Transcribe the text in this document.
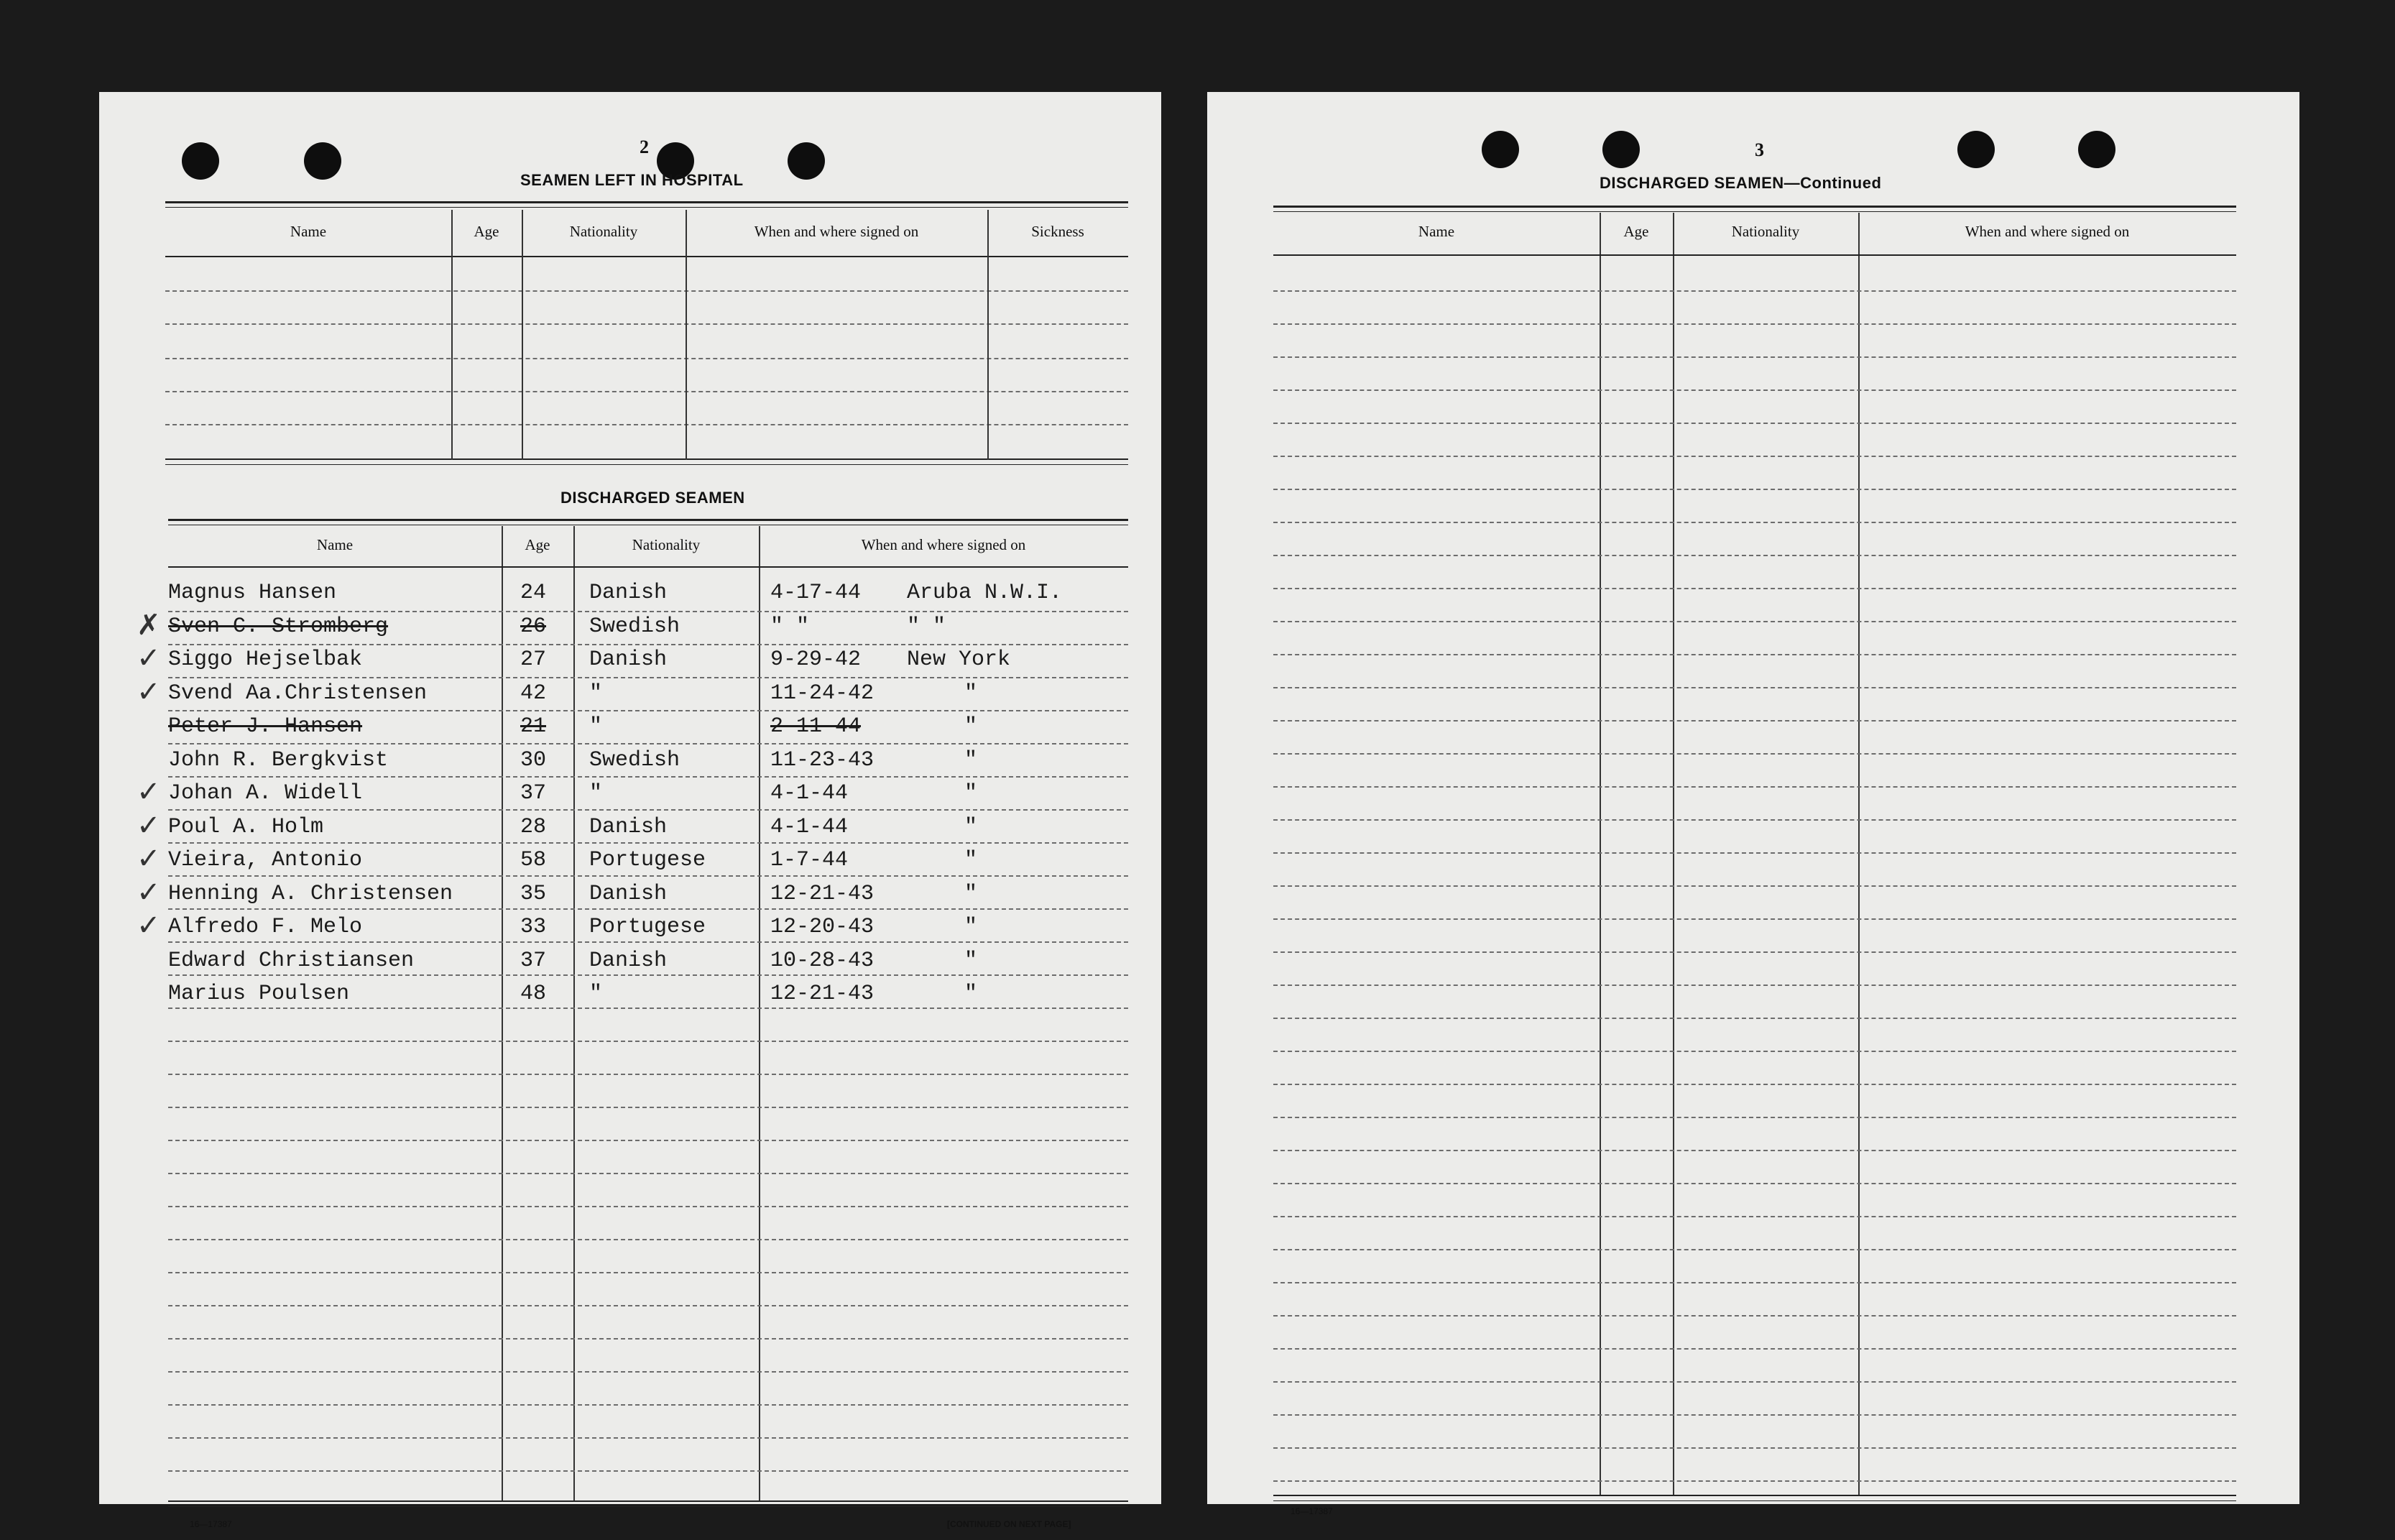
2
SEAMEN LEFT IN HOSPITAL
Name	Age	Nationality	When and where signed on	Sickness
DISCHARGED SEAMEN
Name	Age	Nationality	When and where signed on
Magnus Hansen	24 Danish	4-17-44 Aruba N.W.I.
✗ Sven C. Stromberg	26 Swedish	" "	" "
✓ Siggo Hejselbak	27 Danish	9-29-42 New York
✓ Svend Aa.Christensen	42 "	11-24-42	"
Peter J. Hansen	21 "	2-11-44	"
John R. Bergkvist	30 Swedish	11-23-43	"
✓ Johan A. Widell	37 "	4-1-44	"
✓ Poul A. Holm	28 Danish	4-1-44	"
✓ Vieira, Antonio	58 Portugese	1-7-44	"
✓ Henning A. Christensen	35 Danish	12-21-43	"
✓ Alfredo F. Melo	33 Portugese	12-20-43	"
Edward Christiansen	37 Danish	10-28-43	"
Marius Poulsen	48 "	12-21-43	"
16—17387	[CONTINUED ON NEXT PAGE]
3
DISCHARGED SEAMEN—Continued
Name	Age	Nationality	When and where signed on
16—17387
